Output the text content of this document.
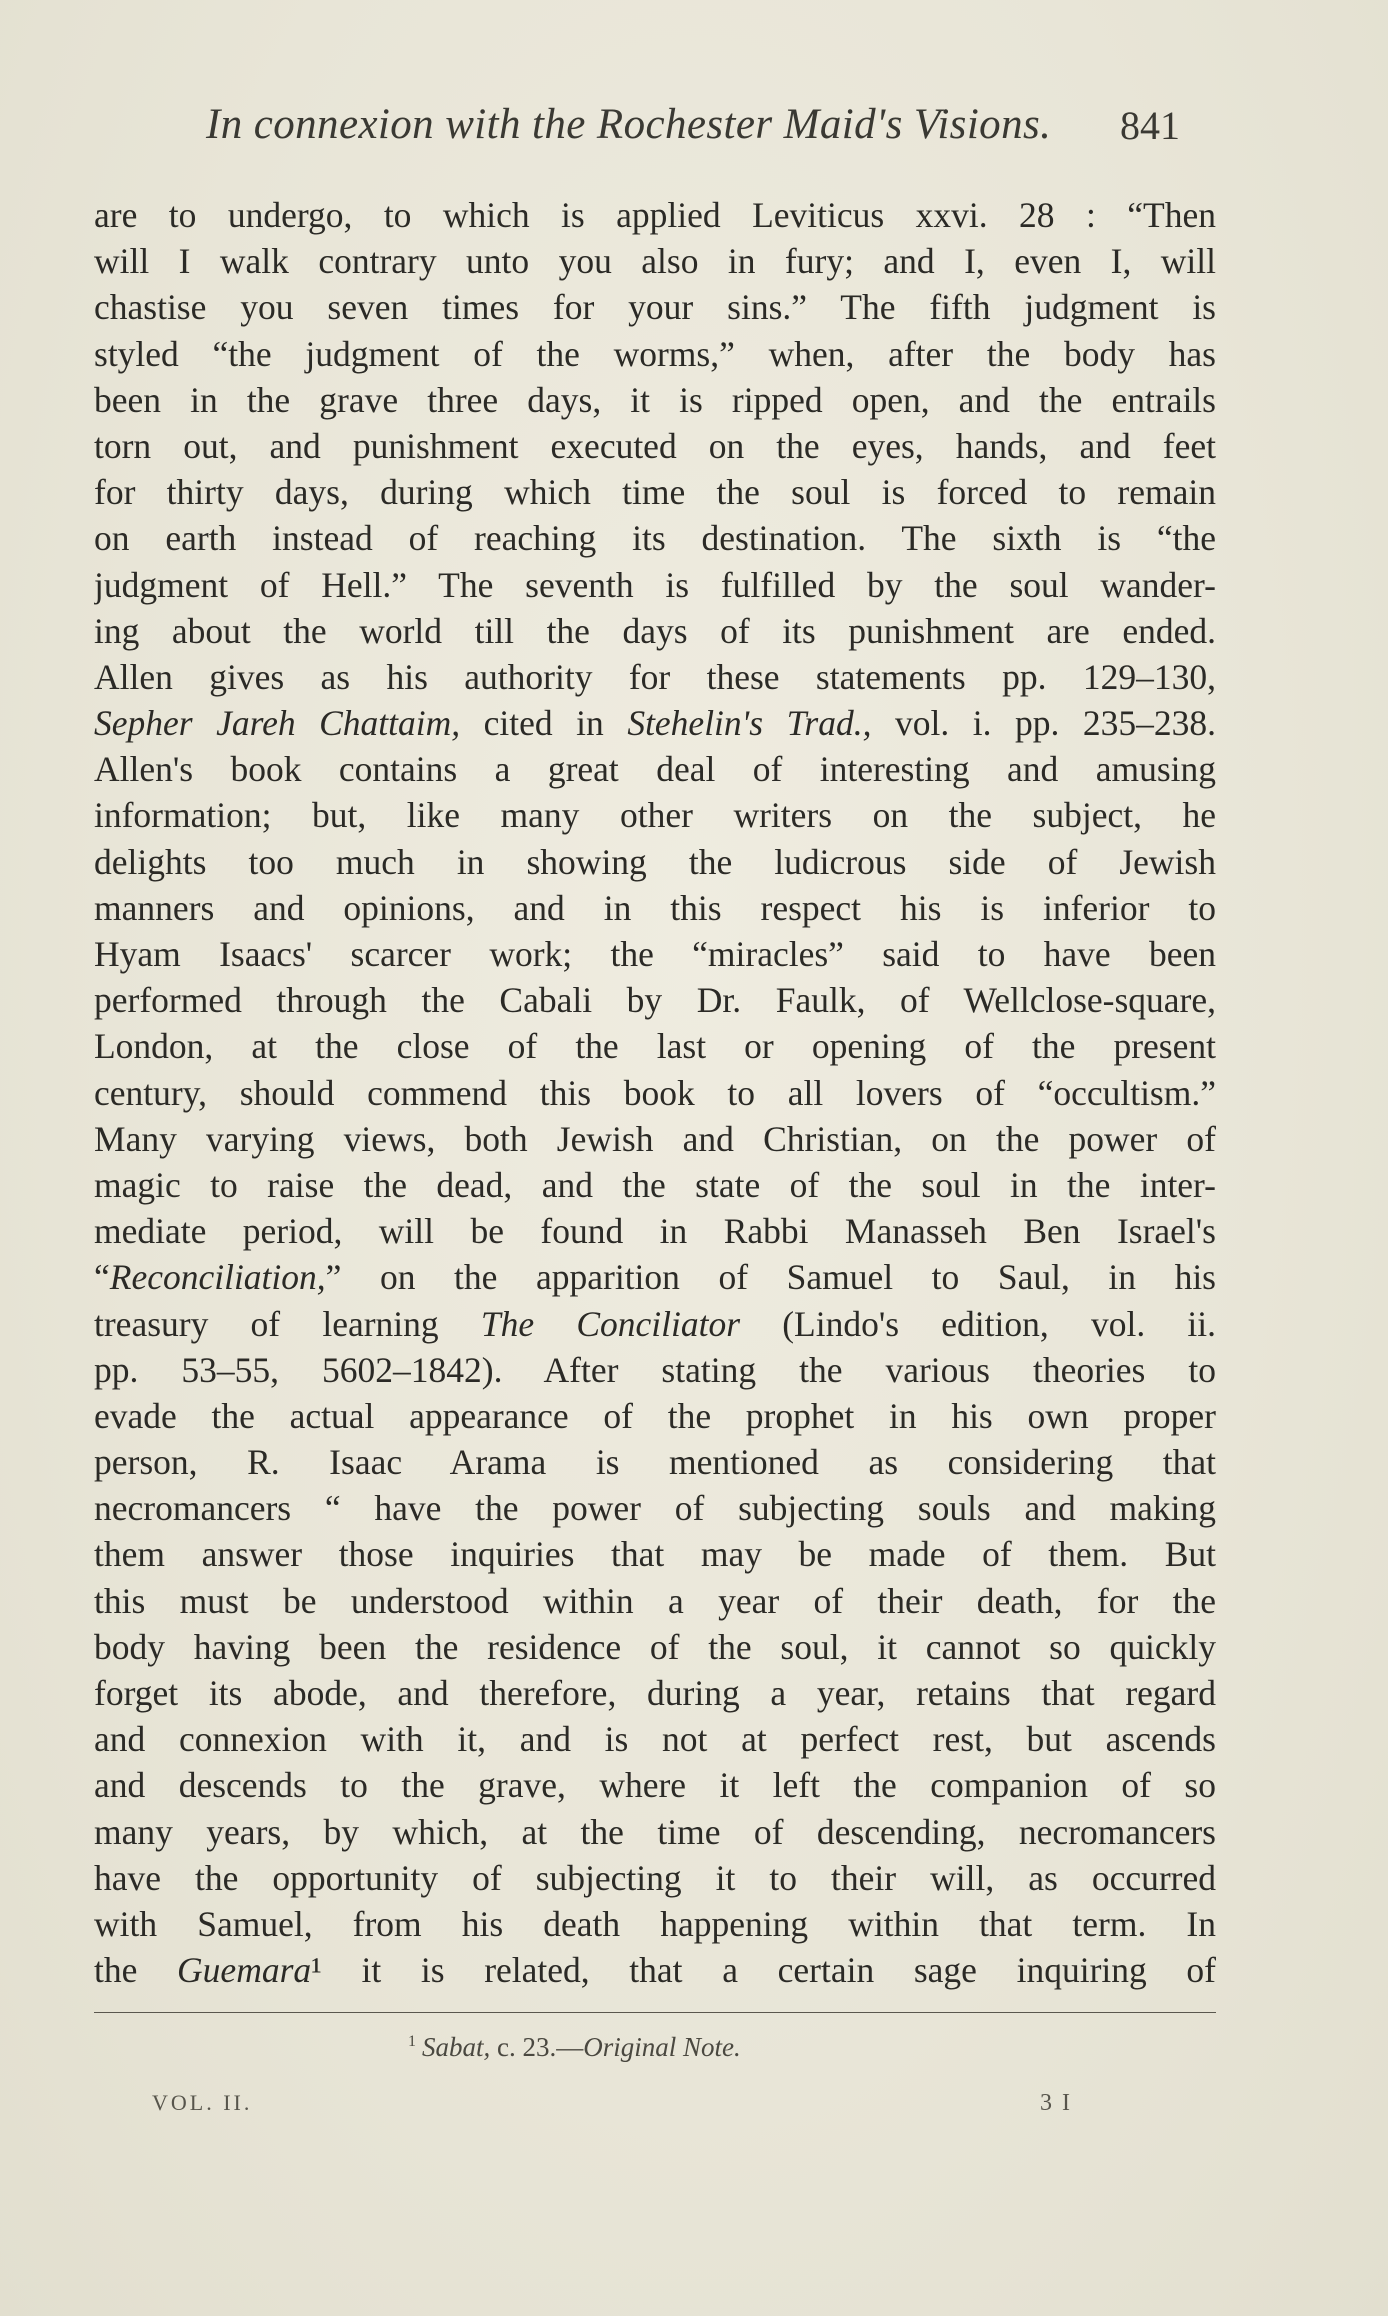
In connexion with the Rochester Maid's Visions. 841
are to undergo, to which is applied Leviticus xxvi. 28 : “Then
will I walk contrary unto you also in fury; and I, even I, will
chastise you seven times for your sins.” The fifth judgment is
styled “the judgment of the worms,” when, after the body has
been in the grave three days, it is ripped open, and the entrails
torn out, and punishment executed on the eyes, hands, and feet
for thirty days, during which time the soul is forced to remain
on earth instead of reaching its destination. The sixth is “the
judgment of Hell.” The seventh is fulfilled by the soul wander-
ing about the world till the days of its punishment are ended.
Allen gives as his authority for these statements pp. 129–130,
Sepher Jareh Chattaim, cited in Stehelin's Trad., vol. i. pp. 235–238.
Allen's book contains a great deal of interesting and amusing
information; but, like many other writers on the subject, he
delights too much in showing the ludicrous side of Jewish
manners and opinions, and in this respect his is inferior to
Hyam Isaacs' scarcer work; the “miracles” said to have been
performed through the Cabali by Dr. Faulk, of Wellclose-square,
London, at the close of the last or opening of the present
century, should commend this book to all lovers of “occultism.”
Many varying views, both Jewish and Christian, on the power of
magic to raise the dead, and the state of the soul in the inter-
mediate period, will be found in Rabbi Manasseh Ben Israel's
“Reconciliation,” on the apparition of Samuel to Saul, in his
treasury of learning The Conciliator (Lindo's edition, vol. ii.
pp. 53–55, 5602–1842). After stating the various theories to
evade the actual appearance of the prophet in his own proper
person, R. Isaac Arama is mentioned as considering that
necromancers “ have the power of subjecting souls and making
them answer those inquiries that may be made of them. But
this must be understood within a year of their death, for the
body having been the residence of the soul, it cannot so quickly
forget its abode, and therefore, during a year, retains that regard
and connexion with it, and is not at perfect rest, but ascends
and descends to the grave, where it left the companion of so
many years, by which, at the time of descending, necromancers
have the opportunity of subjecting it to their will, as occurred
with Samuel, from his death happening within that term. In
the Guemara¹ it is related, that a certain sage inquiring of
$^1$ Sabat, c. 23.—Original Note.
VOL. II.	3 I
